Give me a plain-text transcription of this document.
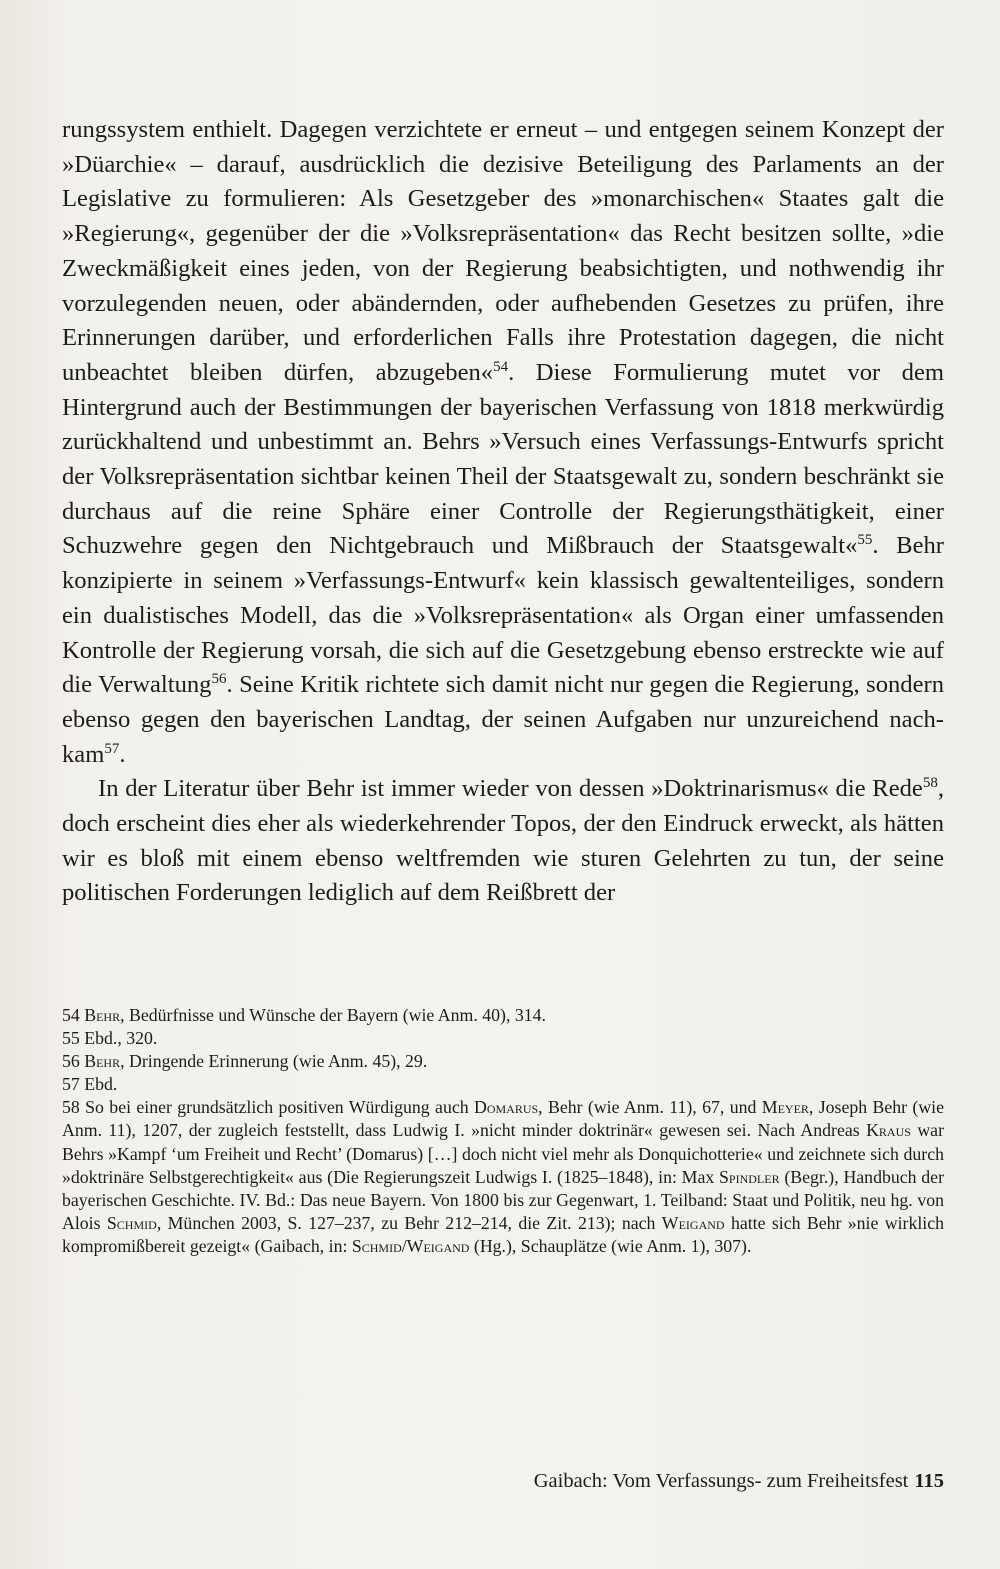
rungssystem enthielt. Dagegen verzichtete er erneut – und entgegen seinem Konzept der »Düarchie« – darauf, ausdrücklich die dezisive Beteiligung des Parlaments an der Legislative zu formulieren: Als Gesetzgeber des »monarchischen« Staates galt die »Regierung«, gegenüber der die »Volksrepräsentation« das Recht besitzen sollte, »die Zweckmäßigkeit eines jeden, von der Regierung beabsichtigten, und nothwendig ihr vorzulegenden neuen, oder abändernden, oder aufhebenden Gesetzes zu prüfen, ihre Erinnerungen darüber, und erforderlichen Falls ihre Protestation dagegen, die nicht unbeachtet bleiben dürfen, abzugeben«$^{54}$. Diese Formulierung mutet vor dem Hintergrund auch der Bestimmungen der bayerischen Verfassung von 1818 merkwürdig zurückhaltend und unbestimmt an. Behrs »Versuch eines Verfassungs-Entwurfs spricht der Volksrepräsentation sichtbar keinen Theil der Staatsgewalt zu, sondern beschränkt sie durchaus auf die reine Sphäre einer Controlle der Regierungsthätigkeit, einer Schuzwehre gegen den Nichtgebrauch und Mißbrauch der Staatsgewalt«$^{55}$. Behr konzipierte in seinem »Verfassungs-Entwurf« kein klassisch gewaltenteiliges, sondern ein dualistisches Modell, das die »Volksrepräsentation« als Organ einer umfassenden Kontrolle der Regierung vorsah, die sich auf die Gesetzgebung ebenso erstreckte wie auf die Verwaltung$^{56}$. Seine Kritik richtete sich damit nicht nur gegen die Regierung, sondern ebenso gegen den bayerischen Landtag, der seinen Aufgaben nur unzureichend nachkam$^{57}$.

In der Literatur über Behr ist immer wieder von dessen »Doktrinarismus« die Rede$^{58}$, doch erscheint dies eher als wiederkehrender Topos, der den Eindruck erweckt, als hätten wir es bloß mit einem ebenso weltfremden wie sturen Gelehrten zu tun, der seine politischen Forderungen lediglich auf dem Reißbrett der

54 Behr, Bedürfnisse und Wünsche der Bayern (wie Anm. 40), 314.
55 Ebd., 320.
56 Behr, Dringende Erinnerung (wie Anm. 45), 29.
57 Ebd.
58 So bei einer grundsätzlich positiven Würdigung auch Domarus, Behr (wie Anm. 11), 67, und Meyer, Joseph Behr (wie Anm. 11), 1207, der zugleich feststellt, dass Ludwig I. »nicht minder doktrinär« gewesen sei. Nach Andreas Kraus war Behrs »Kampf ‘um Freiheit und Recht’ (Domarus) […] doch nicht viel mehr als Donquichotterie« und zeichnete sich durch »doktrinäre Selbstgerechtigkeit« aus (Die Regierungszeit Ludwigs I. (1825–1848), in: Max Spindler (Begr.), Handbuch der bayerischen Geschichte. IV. Bd.: Das neue Bayern. Von 1800 bis zur Gegenwart, 1. Teilband: Staat und Politik, neu hg. von Alois Schmid, München 2003, S. 127–237, zu Behr 212–214, die Zit. 213); nach Weigand hatte sich Behr »nie wirklich kompromißbereit gezeigt« (Gaibach, in: Schmid/Weigand (Hg.), Schauplätze (wie Anm. 1), 307).
Gaibach: Vom Verfassungs- zum Freiheitsfest 115
